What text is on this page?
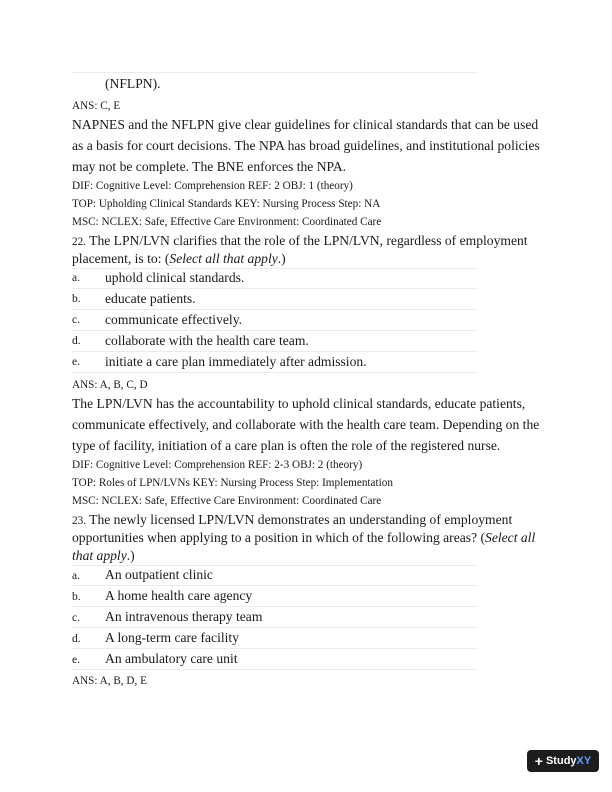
(NFLPN).
ANS: C, E
NAPNES and the NFLPN give clear guidelines for clinical standards that can be used
as a basis for court decisions. The NPA has broad guidelines, and institutional policies
may not be complete. The BNE enforces the NPA.
DIF: Cognitive Level: Comprehension REF: 2 OBJ: 1 (theory)
TOP: Upholding Clinical Standards KEY: Nursing Process Step: NA
MSC: NCLEX: Safe, Effective Care Environment: Coordinated Care
22. The LPN/LVN clarifies that the role of the LPN/LVN, regardless of employment
placement, is to: (Select all that apply.)
a. uphold clinical standards.
b. educate patients.
c. communicate effectively.
d. collaborate with the health care team.
e. initiate a care plan immediately after admission.
ANS: A, B, C, D
The LPN/LVN has the accountability to uphold clinical standards, educate patients,
communicate effectively, and collaborate with the health care team. Depending on the
type of facility, initiation of a care plan is often the role of the registered nurse.
DIF: Cognitive Level: Comprehension REF: 2-3 OBJ: 2 (theory)
TOP: Roles of LPN/LVNs KEY: Nursing Process Step: Implementation
MSC: NCLEX: Safe, Effective Care Environment: Coordinated Care
23. The newly licensed LPN/LVN demonstrates an understanding of employment
opportunities when applying to a position in which of the following areas? (Select all
that apply.)
a. An outpatient clinic
b. A home health care agency
c. An intravenous therapy team
d. A long-term care facility
e. An ambulatory care unit
ANS: A, B, D, E
+ StudyXY
